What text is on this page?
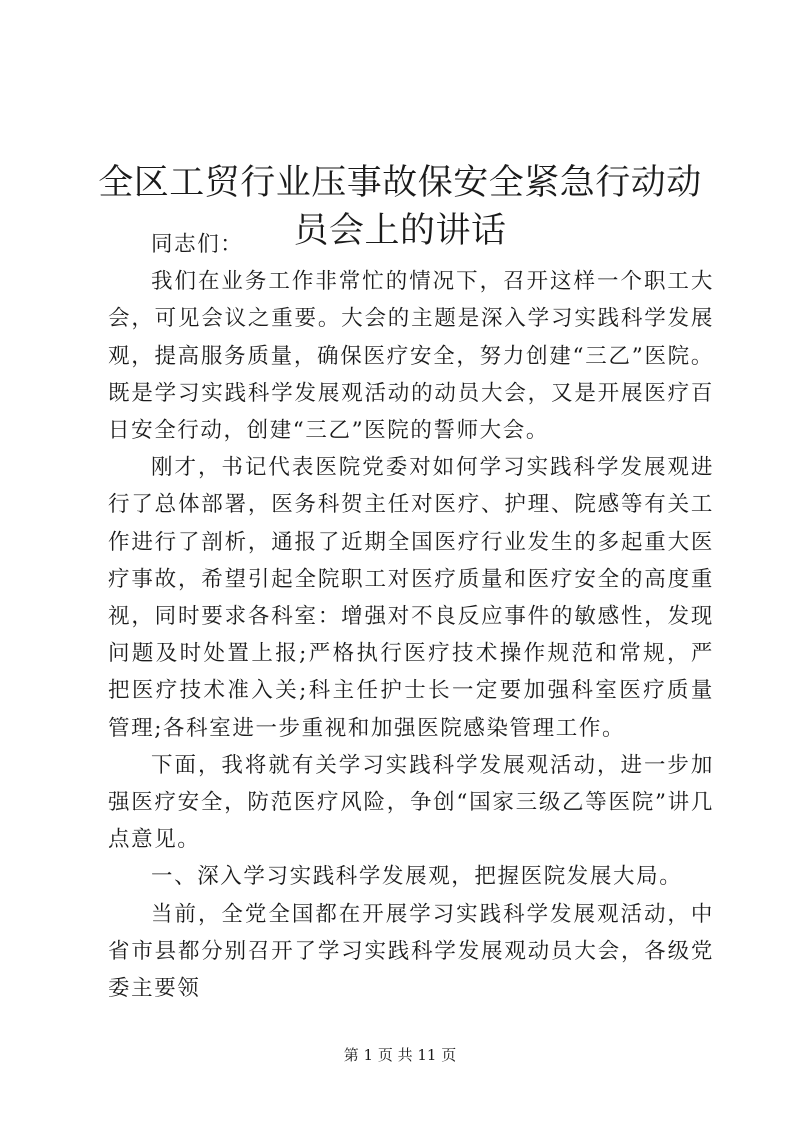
全区工贸行业压事故保安全紧急行动动员会上的讲话

同志们：

我们在业务工作非常忙的情况下，召开这样一个职工大会，可见会议之重要。大会的主题是深入学习实践科学发展观，提高服务质量，确保医疗安全，努力创建“三乙”医院。既是学习实践科学发展观活动的动员大会，又是开展医疗百日安全行动，创建“三乙”医院的誓师大会。

刚才，书记代表医院党委对如何学习实践科学发展观进行了总体部署，医务科贺主任对医疗、护理、院感等有关工作进行了剖析，通报了近期全国医疗行业发生的多起重大医疗事故，希望引起全院职工对医疗质量和医疗安全的高度重视，同时要求各科室：增强对不良反应事件的敏感性，发现问题及时处置上报;严格执行医疗技术操作规范和常规，严把医疗技术准入关;科主任护士长一定要加强科室医疗质量管理;各科室进一步重视和加强医院感染管理工作。

下面，我将就有关学习实践科学发展观活动，进一步加强医疗安全，防范医疗风险，争创“国家三级乙等医院”讲几点意见。

一、深入学习实践科学发展观，把握医院发展大局。

当前，全党全国都在开展学习实践科学发展观活动，中省市县都分别召开了学习实践科学发展观动员大会，各级党委主要领

第 1 页 共 11 页
